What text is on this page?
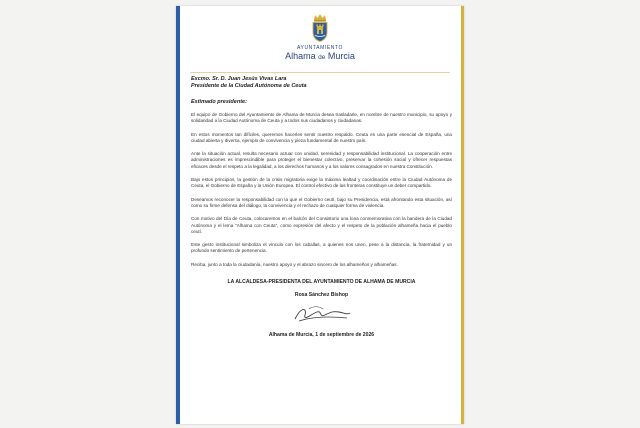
AYUNTAMIENTO
Alhama de Murcia
Excmo. Sr. D. Juan Jesús Vivas Lara
Presidente de la Ciudad Autónoma de Ceuta
Estimado presidente:
El equipo de Gobierno del Ayuntamiento de Alhama de Murcia desea trasladarle, en nombre de nuestro municipio, su apoyo y solidaridad a la Ciudad Autónoma de Ceuta y a todos sus ciudadanos y ciudadanas.
En estos momentos tan difíciles, queremos hacerles sentir nuestro respaldo. Ceuta es una parte esencial de España, una ciudad abierta y diversa, ejemplo de convivencia y pieza fundamental de nuestro país.
Ante la situación actual, resulta necesario actuar con unidad, serenidad y responsabilidad institucional. La cooperación entre administraciones es imprescindible para proteger el bienestar colectivo, preservar la cohesión social y ofrecer respuestas eficaces desde el respeto a la legalidad, a los derechos humanos y a los valores consagrados en nuestra Constitución.
Bajo estos principios, la gestión de la crisis migratoria exige la máxima lealtad y coordinación entre la Ciudad Autónoma de Ceuta, el Gobierno de España y la Unión Europea. El control efectivo de las fronteras constituye un deber compartido.
Deseamos reconocer la responsabilidad con la que el Gobierno ceutí, bajo su Presidencia, está afrontando esta situación, así como su firme defensa del diálogo, la convivencia y el rechazo de cualquier forma de violencia.
Con motivo del Día de Ceuta, colocaremos en el balcón del Consistorio una lona conmemorativa con la bandera de la Ciudad Autónoma y el lema "Alhama con Ceuta", como expresión del afecto y el respeto de la población alhameña hacia el pueblo ceutí.
Este gesto institucional simboliza el vínculo con los caballas, a quienes nos unen, pese a la distancia, la fraternidad y un profundo sentimiento de pertenencia.
Reciba, junto a toda la ciudadanía, nuestro apoyo y el abrazo sincero de los alhameños y alhameñas.
LA ALCALDESA-PRESIDENTA DEL AYUNTAMIENTO DE ALHAMA DE MURCIA
Rosa Sánchez Bishop
Alhama de Murcia, 1 de septiembre de 2026
